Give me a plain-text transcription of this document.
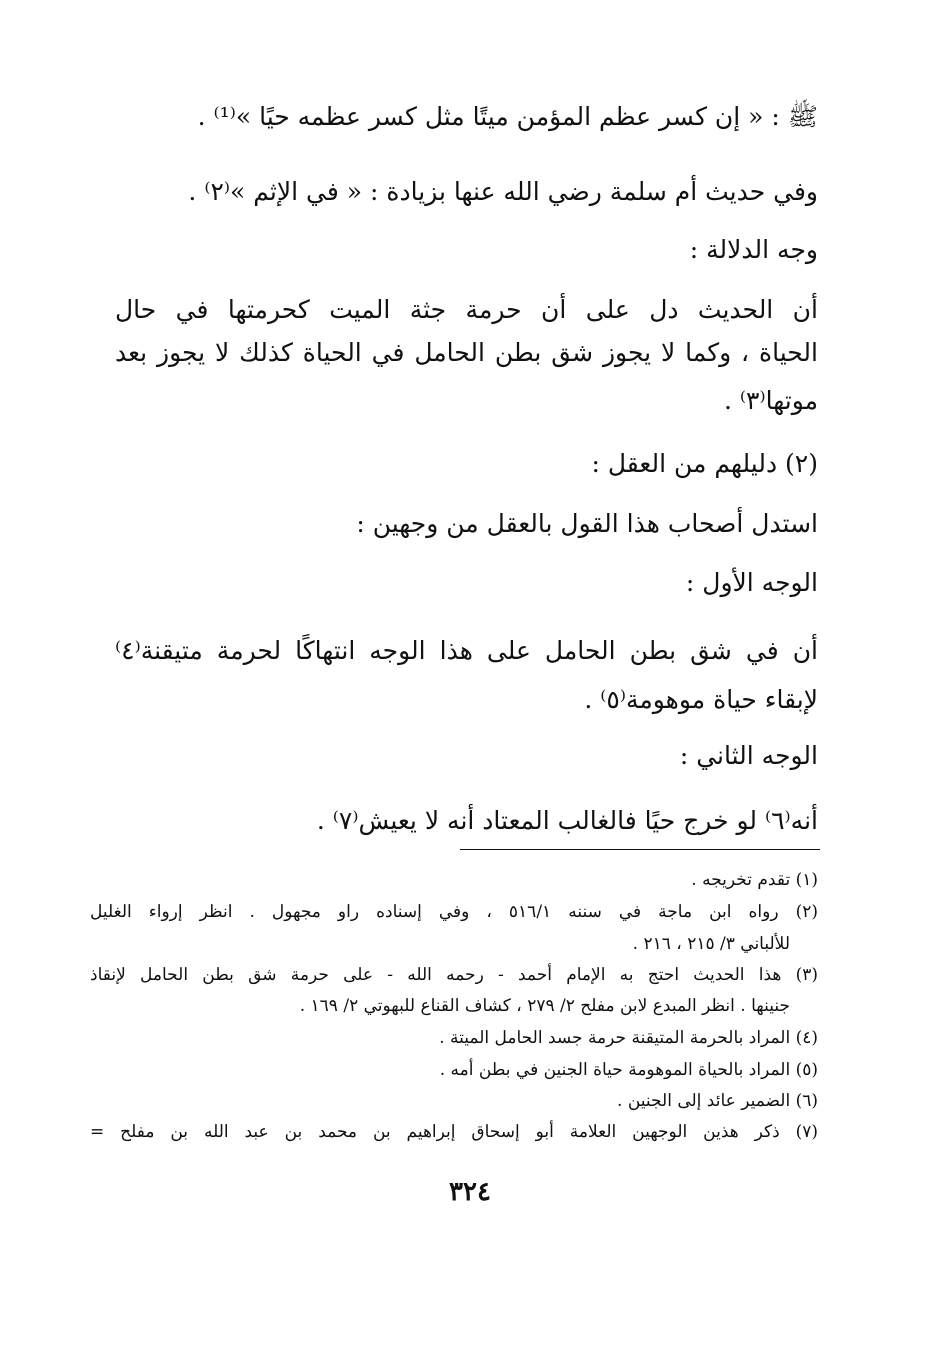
ﷺ : « إن كسر عظم المؤمن ميتًا مثل كسر عظمه حيًا »⁽¹⁾ .
وفي حديث أم سلمة رضي الله عنها بزيادة : « في الإثم »⁽٢⁾ .
وجه الدلالة :
أن الحديث دل على أن حرمة جثة الميت كحرمتها في حال
الحياة ، وكما لا يجوز شق بطن الحامل في الحياة كذلك لا يجوز بعد
موتها⁽٣⁾ .
(٢) دليلهم من العقل :
استدل أصحاب هذا القول بالعقل من وجهين :
الوجه الأول :
أن في شق بطن الحامل على هذا الوجه انتهاكًا لحرمة متيقنة⁽٤⁾
لإبقاء حياة موهومة⁽٥⁾ .
الوجه الثاني :
أنه⁽٦⁾ لو خرج حيًا فالغالب المعتاد أنه لا يعيش⁽٧⁾ .
(١) تقدم تخريجه .
(٢) رواه ابن ماجة في سننه ٥١٦/١ ، وفي إسناده راو مجهول . انظر إرواء الغليل
للألباني ٣/ ٢١٥ ، ٢١٦ .
(٣) هذا الحديث احتج به الإمام أحمد - رحمه الله - على حرمة شق بطن الحامل لإنقاذ
جنينها . انظر المبدع لابن مفلح ٢/ ٢٧٩ ، كشاف القناع للبهوتي ٢/ ١٦٩ .
(٤) المراد بالحرمة المتيقنة حرمة جسد الحامل الميتة .
(٥) المراد بالحياة الموهومة حياة الجنين في بطن أمه .
(٦) الضمير عائد إلى الجنين .
(٧) ذكر هذين الوجهين العلامة أبو إسحاق إبراهيم بن محمد بن عبد الله بن مفلح =
٣٢٤
